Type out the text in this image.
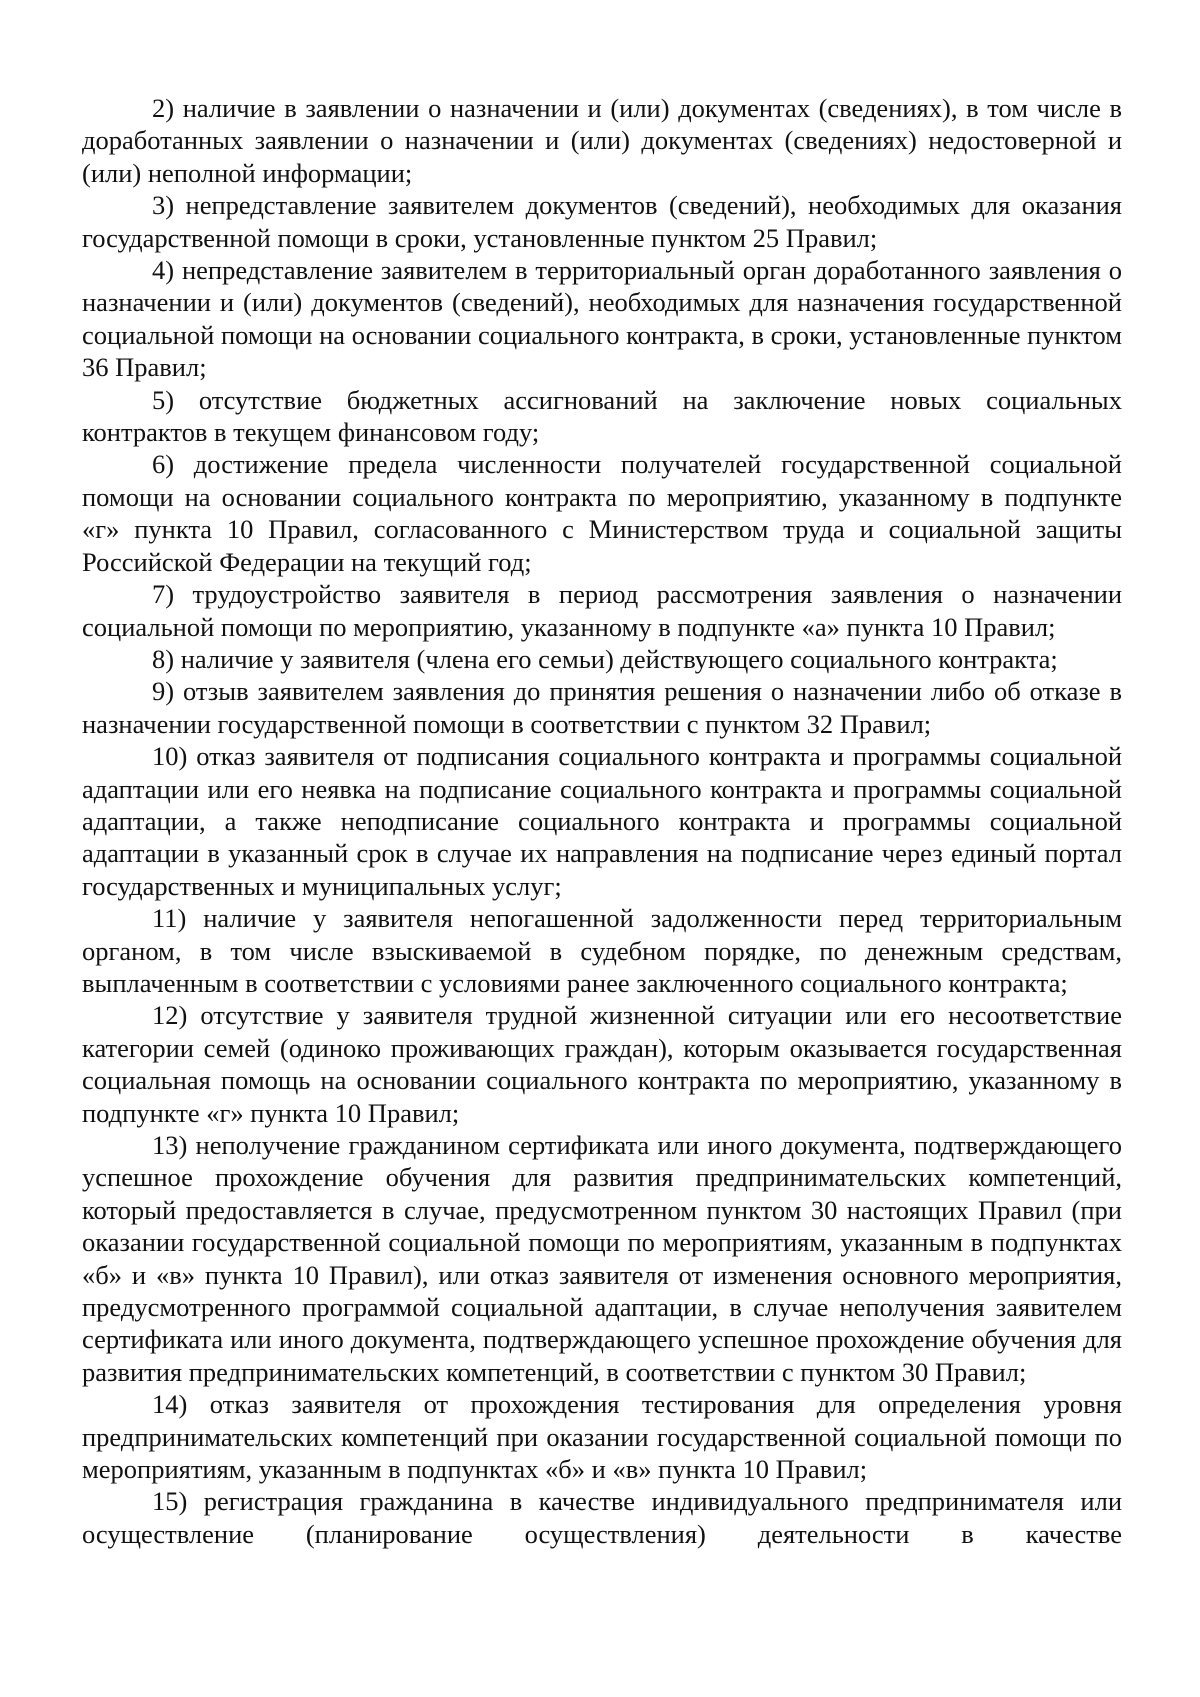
2) наличие в заявлении о назначении и (или) документах (сведениях), в том числе в доработанных заявлении о назначении и (или) документах (сведениях) недостоверной и (или) неполной информации;

3) непредставление заявителем документов (сведений), необходимых для оказания государственной помощи в сроки, установленные пунктом 25 Правил;

4) непредставление заявителем в территориальный орган доработанного заявления о назначении и (или) документов (сведений), необходимых для назначения государственной социальной помощи на основании социального контракта, в сроки, установленные пунктом 36 Правил;

5) отсутствие бюджетных ассигнований на заключение новых социальных контрактов в текущем финансовом году;

6) достижение предела численности получателей государственной социальной помощи на основании социального контракта по мероприятию, указанному в подпункте «г» пункта 10 Правил, согласованного с Министерством труда и социальной защиты Российской Федерации на текущий год;

7) трудоустройство заявителя в период рассмотрения заявления о назначении социальной помощи по мероприятию, указанному в подпункте «а» пункта 10 Правил;

8) наличие у заявителя (члена его семьи) действующего социального контракта;

9) отзыв заявителем заявления до принятия решения о назначении либо об отказе в назначении государственной помощи в соответствии с пунктом 32 Правил;

10) отказ заявителя от подписания социального контракта и программы социальной адаптации или его неявка на подписание социального контракта и программы социальной адаптации, а также неподписание социального контракта и программы социальной адаптации в указанный срок в случае их направления на подписание через единый портал государственных и муниципальных услуг;

11) наличие у заявителя непогашенной задолженности перед территориальным органом, в том числе взыскиваемой в судебном порядке, по денежным средствам, выплаченным в соответствии с условиями ранее заключенного социального контракта;

12) отсутствие у заявителя трудной жизненной ситуации или его несоответствие категории семей (одиноко проживающих граждан), которым оказывается государственная социальная помощь на основании социального контракта по мероприятию, указанному в подпункте «г» пункта 10 Правил;

13) неполучение гражданином сертификата или иного документа, подтверждающего успешное прохождение обучения для развития предпринимательских компетенций, который предоставляется в случае, предусмотренном пунктом 30 настоящих Правил (при оказании государственной социальной помощи по мероприятиям, указанным в подпунктах «б» и «в» пункта 10 Правил), или отказ заявителя от изменения основного мероприятия, предусмотренного программой социальной адаптации, в случае неполучения заявителем сертификата или иного документа, подтверждающего успешное прохождение обучения для развития предпринимательских компетенций, в соответствии с пунктом 30 Правил;

14) отказ заявителя от прохождения тестирования для определения уровня предпринимательских компетенций при оказании государственной социальной помощи по мероприятиям, указанным в подпунктах «б» и «в» пункта 10 Правил;

15) регистрация гражданина в качестве индивидуального предпринимателя или осуществление (планирование осуществления) деятельности в качестве
